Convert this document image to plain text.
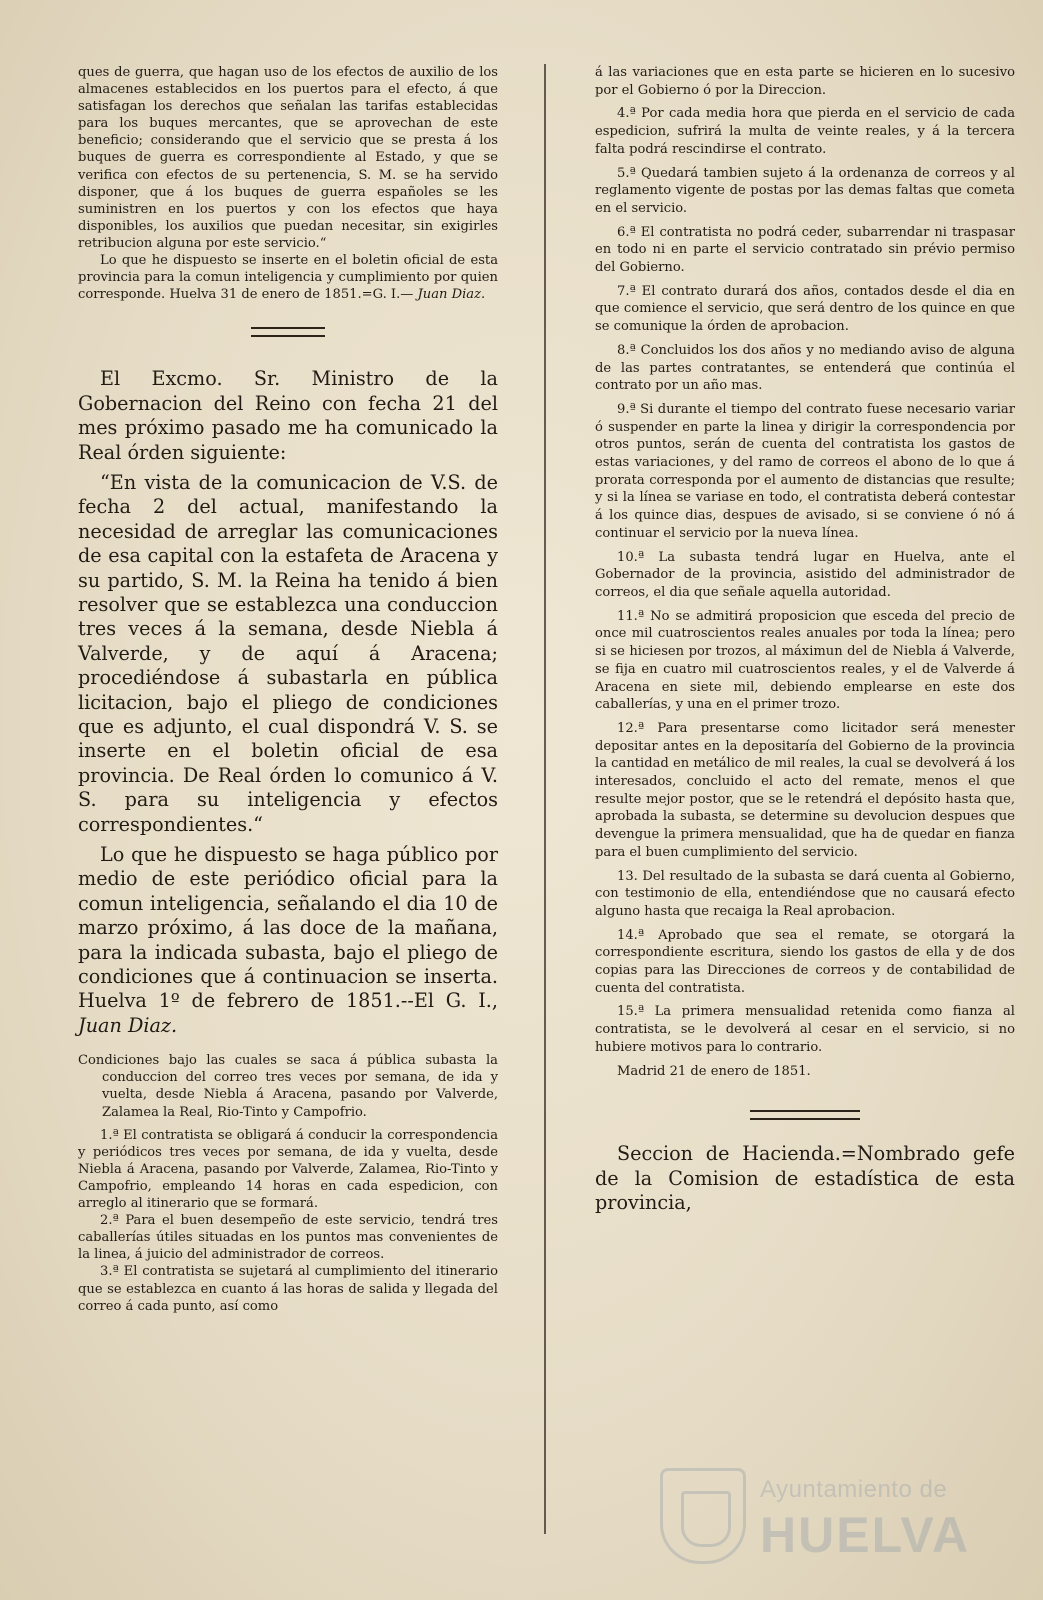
ques de guerra, que hagan uso de los efectos de auxilio de los almacenes establecidos en los puertos para el efecto, á que satisfagan los derechos que señalan las tarifas establecidas para los buques mercantes, que se aprovechan de este beneficio; considerando que el servicio que se presta á los buques de guerra es correspondiente al Estado, y que se verifica con efectos de su pertenencia, S. M. se ha servido disponer, que á los buques de guerra españoles se les suministren en los puertos y con los efectos que haya disponibles, los auxilios que puedan necesitar, sin exigirles retribucion alguna por este servicio.“

Lo que he dispuesto se inserte en el boletin oficial de esta provincia para la comun inteligencia y cumplimiento por quien corresponde. Huelva 31 de enero de 1851.=G. I.— Juan Diaz.

El Excmo. Sr. Ministro de la Gobernacion del Reino con fecha 21 del mes próximo pasado me ha comunicado la Real órden siguiente:

“En vista de la comunicacion de V.S. de fecha 2 del actual, manifestando la necesidad de arreglar las comunicaciones de esa capital con la estafeta de Aracena y su partido, S. M. la Reina ha tenido á bien resolver que se establezca una conduccion tres veces á la semana, desde Niebla á Valverde, y de aquí á Aracena; procediéndose á subastarla en pública licitacion, bajo el pliego de condiciones que es adjunto, el cual dispondrá V. S. se inserte en el boletin oficial de esa provincia. De Real órden lo comunico á V. S. para su inteligencia y efectos correspondientes.“

Lo que he dispuesto se haga público por medio de este periódico oficial para la comun inteligencia, señalando el dia 10 de marzo próximo, á las doce de la mañana, para la indicada subasta, bajo el pliego de condiciones que á continuacion se inserta. Huelva 1º de febrero de 1851.--El G. I., Juan Diaz.

Condiciones bajo las cuales se saca á pública subasta la conduccion del correo tres veces por semana, de ida y vuelta, desde Niebla á Aracena, pasando por Valverde, Zalamea la Real, Rio-Tinto y Campofrio.

1.ª El contratista se obligará á conducir la correspondencia y periódicos tres veces por semana, de ida y vuelta, desde Niebla á Aracena, pasando por Valverde, Zalamea, Rio-Tinto y Campofrio, empleando 14 horas en cada espedicion, con arreglo al itinerario que se formará.

2.ª Para el buen desempeño de este servicio, tendrá tres caballerías útiles situadas en los puntos mas convenientes de la linea, á juicio del administrador de correos.

3.ª El contratista se sujetará al cumplimiento del itinerario que se establezca en cuanto á las horas de salida y llegada del correo á cada punto, así como

á las variaciones que en esta parte se hicieren en lo sucesivo por el Gobierno ó por la Direccion.

4.ª Por cada media hora que pierda en el servicio de cada espedicion, sufrirá la multa de veinte reales, y á la tercera falta podrá rescindirse el contrato.

5.ª Quedará tambien sujeto á la ordenanza de correos y al reglamento vigente de postas por las demas faltas que cometa en el servicio.

6.ª El contratista no podrá ceder, subarrendar ni traspasar en todo ni en parte el servicio contratado sin prévio permiso del Gobierno.

7.ª El contrato durará dos años, contados desde el dia en que comience el servicio, que será dentro de los quince en que se comunique la órden de aprobacion.

8.ª Concluidos los dos años y no mediando aviso de alguna de las partes contratantes, se entenderá que continúa el contrato por un año mas.

9.ª Si durante el tiempo del contrato fuese necesario variar ó suspender en parte la linea y dirigir la correspondencia por otros puntos, serán de cuenta del contratista los gastos de estas variaciones, y del ramo de correos el abono de lo que á prorata corresponda por el aumento de distancias que resulte; y si la línea se variase en todo, el contratista deberá contestar á los quince dias, despues de avisado, si se conviene ó nó á continuar el servicio por la nueva línea.

10.ª La subasta tendrá lugar en Huelva, ante el Gobernador de la provincia, asistido del administrador de correos, el dia que señale aquella autoridad.

11.ª No se admitirá proposicion que esceda del precio de once mil cuatroscientos reales anuales por toda la línea; pero si se hiciesen por trozos, al máximun del de Niebla á Valverde, se fija en cuatro mil cuatroscientos reales, y el de Valverde á Aracena en siete mil, debiendo emplearse en este dos caballerías, y una en el primer trozo.

12.ª Para presentarse como licitador será menester depositar antes en la depositaría del Gobierno de la provincia la cantidad en metálico de mil reales, la cual se devolverá á los interesados, concluido el acto del remate, menos el que resulte mejor postor, que se le retendrá el depósito hasta que, aprobada la subasta, se determine su devolucion despues que devengue la primera mensualidad, que ha de quedar en fianza para el buen cumplimiento del servicio.

13. Del resultado de la subasta se dará cuenta al Gobierno, con testimonio de ella, entendiéndose que no causará efecto alguno hasta que recaiga la Real aprobacion.

14.ª Aprobado que sea el remate, se otorgará la correspondiente escritura, siendo los gastos de ella y de dos copias para las Direcciones de correos y de contabilidad de cuenta del contratista.

15.ª La primera mensualidad retenida como fianza al contratista, se le devolverá al cesar en el servicio, si no hubiere motivos para lo contrario.

Madrid 21 de enero de 1851.

Seccion de Hacienda.=Nombrado gefe de la Comision de estadística de esta provincia,

Ayuntamiento de
HUELVA
